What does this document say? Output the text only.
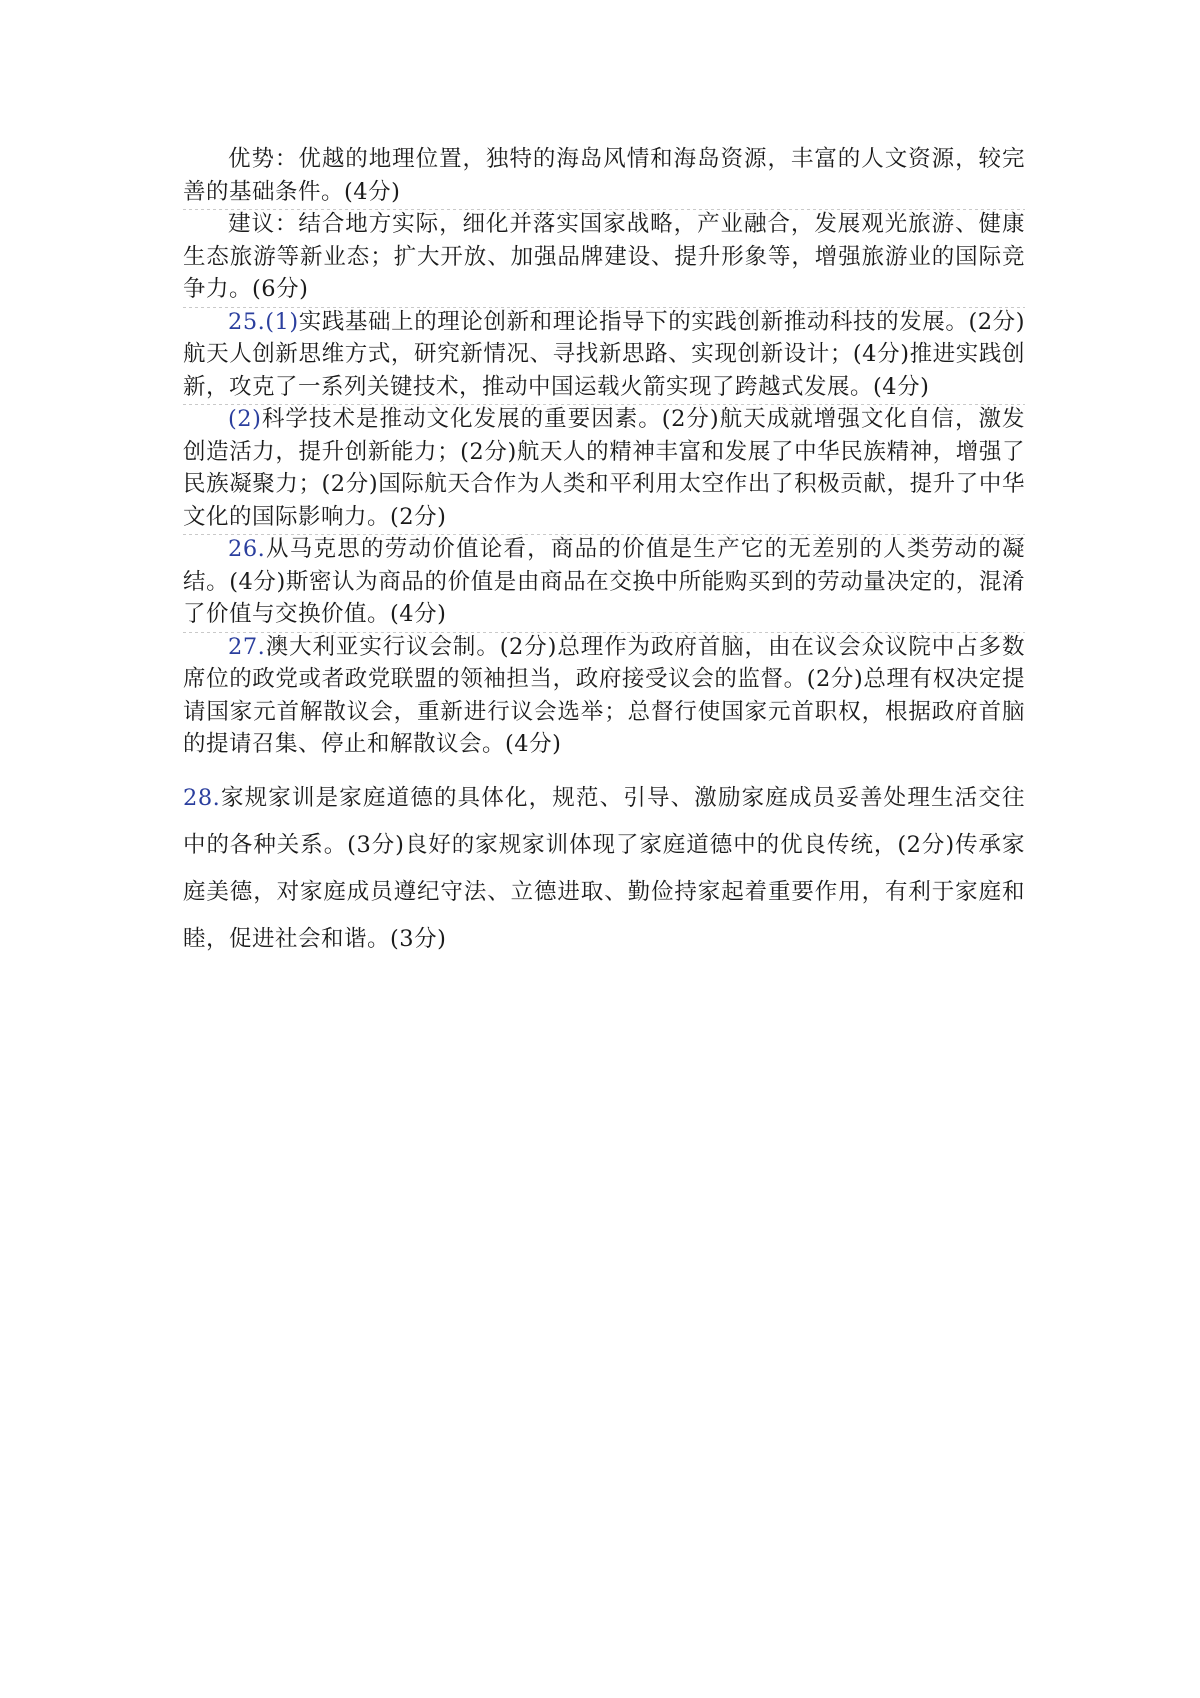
优势：优越的地理位置，独特的海岛风情和海岛资源，丰富的人文资源，较完善的基础条件。(4分)

建议：结合地方实际，细化并落实国家战略，产业融合，发展观光旅游、健康生态旅游等新业态；扩大开放、加强品牌建设、提升形象等，增强旅游业的国际竞争力。(6分)

25.(1)实践基础上的理论创新和理论指导下的实践创新推动科技的发展。(2分)航天人创新思维方式，研究新情况、寻找新思路、实现创新设计；(4分)推进实践创新，攻克了一系列关键技术，推动中国运载火箭实现了跨越式发展。(4分)

(2)科学技术是推动文化发展的重要因素。(2分)航天成就增强文化自信，激发创造活力，提升创新能力；(2分)航天人的精神丰富和发展了中华民族精神，增强了民族凝聚力；(2分)国际航天合作为人类和平利用太空作出了积极贡献，提升了中华文化的国际影响力。(2分)

26.从马克思的劳动价值论看，商品的价值是生产它的无差别的人类劳动的凝结。(4分)斯密认为商品的价值是由商品在交换中所能购买到的劳动量决定的，混淆了价值与交换价值。(4分)

27.澳大利亚实行议会制。(2分)总理作为政府首脑，由在议会众议院中占多数席位的政党或者政党联盟的领袖担当，政府接受议会的监督。(2分)总理有权决定提请国家元首解散议会，重新进行议会选举；总督行使国家元首职权，根据政府首脑的提请召集、停止和解散议会。(4分)

28.家规家训是家庭道德的具体化，规范、引导、激励家庭成员妥善处理生活交往中的各种关系。(3分)良好的家规家训体现了家庭道德中的优良传统，(2分)传承家庭美德，对家庭成员遵纪守法、立德进取、勤俭持家起着重要作用，有利于家庭和睦，促进社会和谐。(3分)
